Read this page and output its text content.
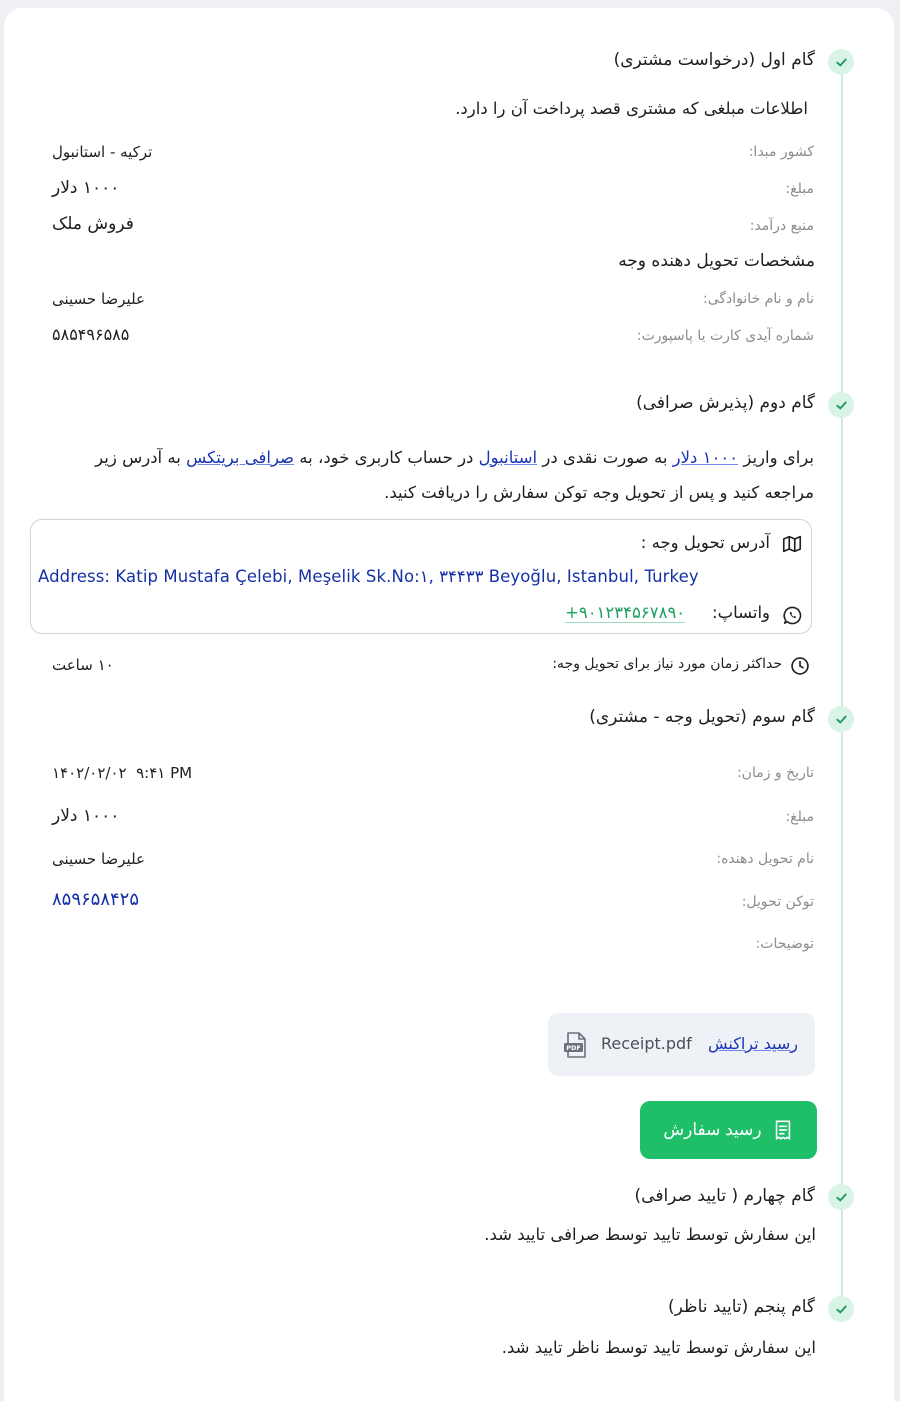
گام اول (درخواست مشتری)
اطلاعات مبلغی که مشتری قصد پرداخت آن را دارد.
کشور مبدا:
ترکیه - استانبول
مبلغ:
۱۰۰۰ دلار
منبع درآمد:
فروش ملک
مشخصات تحویل دهنده وجه
نام و نام خانوادگی:
علیرضا حسینی
شماره آیدی کارت یا پاسپورت:
۵۸۵۴۹۶۵۸۵
گام دوم (پذیرش صرافی)
برای واریز ۱۰۰۰ دلار به صورت نقدی در استانبول در حساب کاربری خود، به صرافی بریتکس به آدرس زیر
مراجعه کنید و پس از تحویل وجه توکن سفارش را دریافت کنید.
آدرس تحویل وجه :
Address: Katip Mustafa Çelebi, Meşelik Sk.No:۱, ۳۴۴۳۳ Beyoğlu, Istanbul, Turkey
واتساپ:
+۹۰۱۲۳۴۵۶۷۸۹۰
حداکثر زمان مورد نیاز برای تحویل وجه:
۱۰ ساعت
گام سوم (تحویل وجه - مشتری)
تاریخ و زمان:
۱۴۰۲/۰۲/۰۲  ۹:۴۱ PM
مبلغ:
۱۰۰۰ دلار
نام تحویل دهنده:
علیرضا حسینی
توکن تحویل:
۸۵۹۶۵۸۴۲۵
توضیحات:
رسید تراکنش
Receipt.pdf
PDF
رسید سفارش
گام چهارم ( تایید صرافی)
این سفارش توسط تایید توسط صرافی تایید شد.
گام پنجم (تایید ناظر)
این سفارش توسط تایید توسط ناظر تایید شد.
